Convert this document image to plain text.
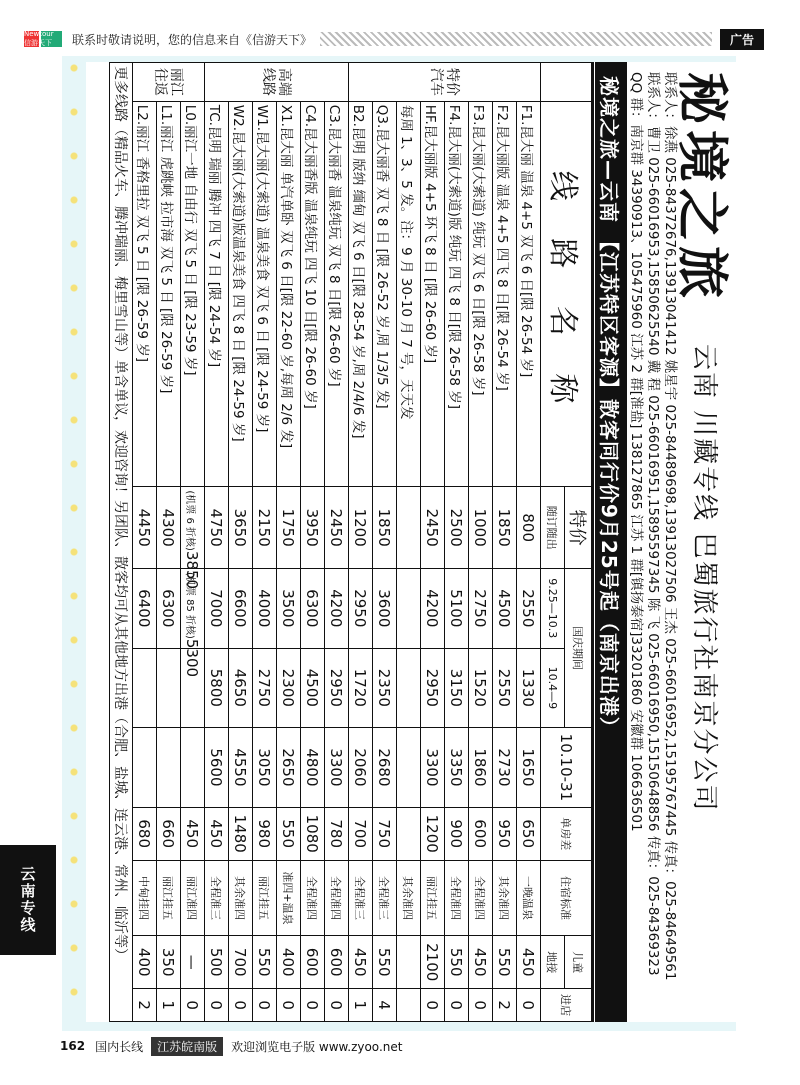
Newtour 信游天下	联系时敬请说明，您的信息来自《信游天下》	广告
秘境之旅
云南 川藏专线 巴蜀旅行社南京分公司
联系人：徐燕 025-84372676,13913041412 姚星宇 025-84489698,13913027506 王杰 025-66016952,15195767445 传真：025-84649561
联系人：曹卫 025-66016953,15850625540 戴 程 025-66016951,15895597345 陈 飞 025-66016950,15150648856 传真：025-84369323
QQ 群：南京群 34390913、105475960 江苏 2 群[淮盐] 138127865 江苏 1 群[镇扬泰宿]33201860 安徽群 106636501
秘境之旅—云南 【江苏特区客源】散客同行价9月25号起（南京出港）
	线 路 名 称	特价	国庆期间		10.10-31	单房差	住宿标准	儿童	进店
		随订随出	9.25—10.3	10.4—9				地接	
特价汽车	F1.昆大丽 温泉 4+5 双飞 6 日[限 26-54 岁]	800	2550	1330	1650	650	一晚温泉	450	0
	F2.昆大丽版 温泉 4+5 四飞 8 日[限 26-54 岁]	1850	4500	2550	2730	950	其余准四	550	2
	F3.昆大丽(大索道) 纯玩 双飞 6 日[限 26-58 岁]	1000	2750	1520	1860	600	全程准四	450	0
	F4.昆大丽(大索道)版 纯玩 四飞 8 日[限 26-58 岁]	2500	5100	3150	3350	900	全程准四	550	0
	HF.昆大丽版 4+5 环飞 8 日 [限 26-60 岁]	2450	4200	2950	3300	1200	丽江挂五	2100	0
	每周 1、3、5 发。注：9 月 30-10 月 7 号，天天发						其余准四		
	Q3.昆大丽香 双飞 8 日 [限 26-52 岁,周 1/3/5 发]	1850	3600	2350	2680	750	全程准三	550	4
	B2.昆明 版纳 缅甸 双飞 6 日[限 28-54 岁,周 2/4/6 发]	1200	2950	1720	2060	700	全程准三	450	1
高端线路	C3.昆大丽香 温泉纯玩 双飞 8 日[限 26-60 岁]	2450	4200	2950	3300	780	全程准四	600	0
	C4.昆大丽香版 温泉纯玩 四飞 10 日[限 26-60 岁]	3950	6300	4500	4800	1080	全程准四	600	0
	X1.昆大丽 单汽单卧 双飞 6 日[限 22-60 岁,每周 2/6 发]	1750	3500	2300	2650	550	准四+温泉	400	0
	W1.昆大丽(大索道) 温泉美食 双飞 6 日 [限 24-59 岁]	2150	4000	2750	3050	980	丽江挂五	550	0
	W2.昆大丽(大索道)版温泉美食 四飞 8 日 [限 24-59 岁]	3650	6600	4650	4550	1480	其余准四	700	0
	TC.昆明 瑞丽 腾冲 四飞 7 日 [限 24-54 岁]	4750	7000	5800	5600	450	全程准三	500	0
丽江往返	L0.丽江一地 自由行 双飞 5 日 [限 23-59 岁]	(机票 6 折核)3850	(机票 85 折核)5300			450	丽江准四	—	0
	L1.丽江 虎跳峡 拉市海 双飞 5 日 [限 26-59 岁]	4300	6300			660	丽江挂五	350	1
	L2.丽江 香格里拉 双飞 5 日 [限 26-59 岁]	4450	6400			680	中甸挂四	400	2
更多线路（精品火车、腾冲瑞丽、梅里雪山等）单含单议，欢迎咨询！另团队、散客均可从其他地方出港（合肥、盐城、连云港、常州、临沂等）									
云南专线
162 国内长线	江苏皖南版	欢迎浏览电子版 www.zyoo.net
